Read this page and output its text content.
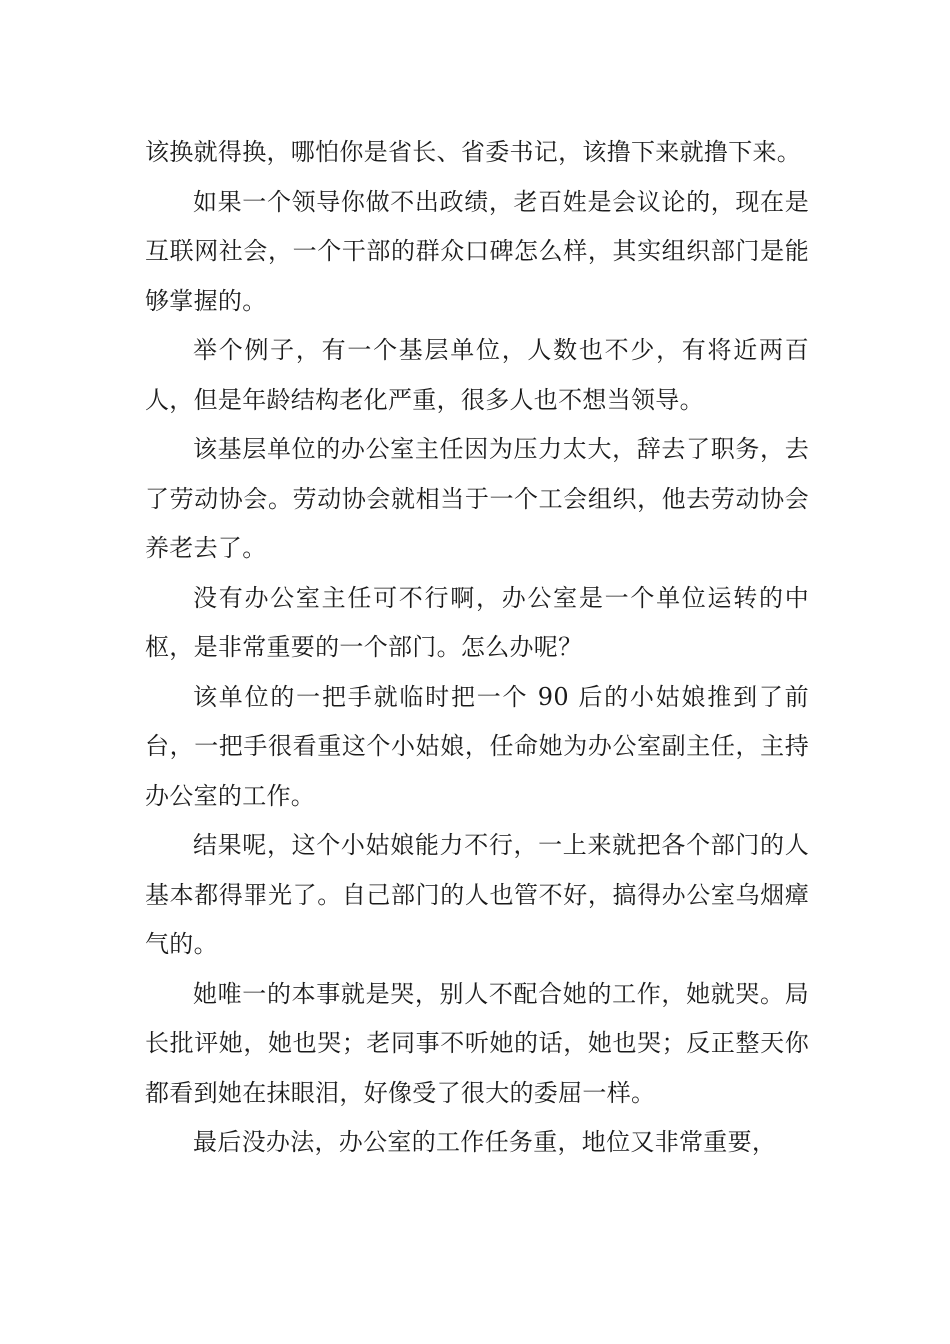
该换就得换，哪怕你是省长、省委书记，该撸下来就撸下来。

如果一个领导你做不出政绩，老百姓是会议论的，现在是互联网社会，一个干部的群众口碑怎么样，其实组织部门是能够掌握的。

举个例子，有一个基层单位，人数也不少，有将近两百人，但是年龄结构老化严重，很多人也不想当领导。

该基层单位的办公室主任因为压力太大，辞去了职务，去了劳动协会。劳动协会就相当于一个工会组织，他去劳动协会养老去了。

没有办公室主任可不行啊，办公室是一个单位运转的中枢，是非常重要的一个部门。怎么办呢？

该单位的一把手就临时把一个 90 后的小姑娘推到了前台，一把手很看重这个小姑娘，任命她为办公室副主任，主持办公室的工作。

结果呢，这个小姑娘能力不行，一上来就把各个部门的人基本都得罪光了。自己部门的人也管不好，搞得办公室乌烟瘴气的。

她唯一的本事就是哭，别人不配合她的工作，她就哭。局长批评她，她也哭；老同事不听她的话，她也哭；反正整天你都看到她在抹眼泪，好像受了很大的委屈一样。

最后没办法，办公室的工作任务重，地位又非常重要，
